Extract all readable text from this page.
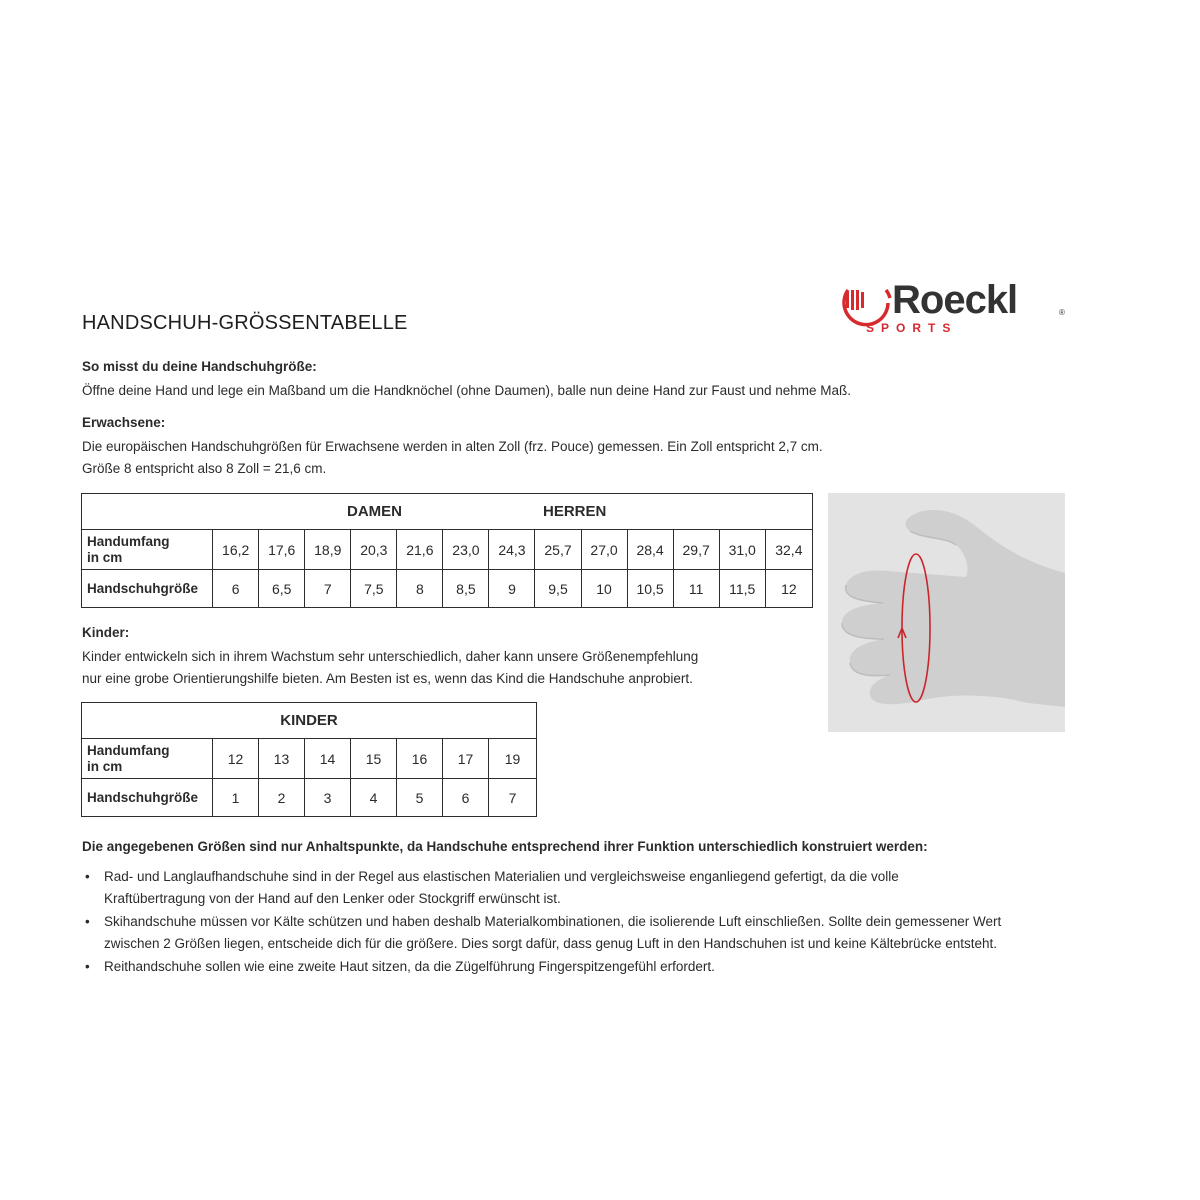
Roeckl	®
SPORTS
HANDSCHUH-GRÖSSENTABELLE
So misst du deine Handschuhgröße:
Öffne deine Hand und lege ein Maßband um die Handknöchel (ohne Daumen), balle nun deine Hand zur Faust und nehme Maß.
Erwachsene:
Die europäischen Handschuhgrößen für Erwachsene werden in alten Zoll (frz. Pouce) gemessen. Ein Zoll entspricht 2,7 cm.
Größe 8 entspricht also 8 Zoll = 21,6 cm.
DAMEN HERREN													

Handumfang
in cm	16,2	17,6	18,9	20,3	21,6	23,0	24,3	25,7	27,0	28,4	29,7	31,0	32,4
Handschuhgröße	6	6,5	7	7,5	8	8,5	9	9,5	10	10,5	11	11,5	12
Kinder:
Kinder entwickeln sich in ihrem Wachstum sehr unterschiedlich, daher kann unsere Größenempfehlung
nur eine grobe Orientierungshilfe bieten. Am Besten ist es, wenn das Kind die Handschuhe anprobiert.
KINDER							
Handumfang
in cm	12	13	14	15	16	17	19
Handschuhgröße	1	2	3	4	5	6	7
Die angegebenen Größen sind nur Anhaltspunkte, da Handschuhe entsprechend ihrer Funktion unterschiedlich konstruiert werden:
• Rad- und Langlaufhandschuhe sind in der Regel aus elastischen Materialien und vergleichsweise enganliegend gefertigt, da die volle
Kraftübertragung von der Hand auf den Lenker oder Stockgriff erwünscht ist.
• Skihandschuhe müssen vor Kälte schützen und haben deshalb Materialkombinationen, die isolierende Luft einschließen. Sollte dein gemessener Wert
zwischen 2 Größen liegen, entscheide dich für die größere. Dies sorgt dafür, dass genug Luft in den Handschuhen ist und keine Kältebrücke entsteht.
• Reithandschuhe sollen wie eine zweite Haut sitzen, da die Zügelführung Fingerspitzengefühl erfordert.
